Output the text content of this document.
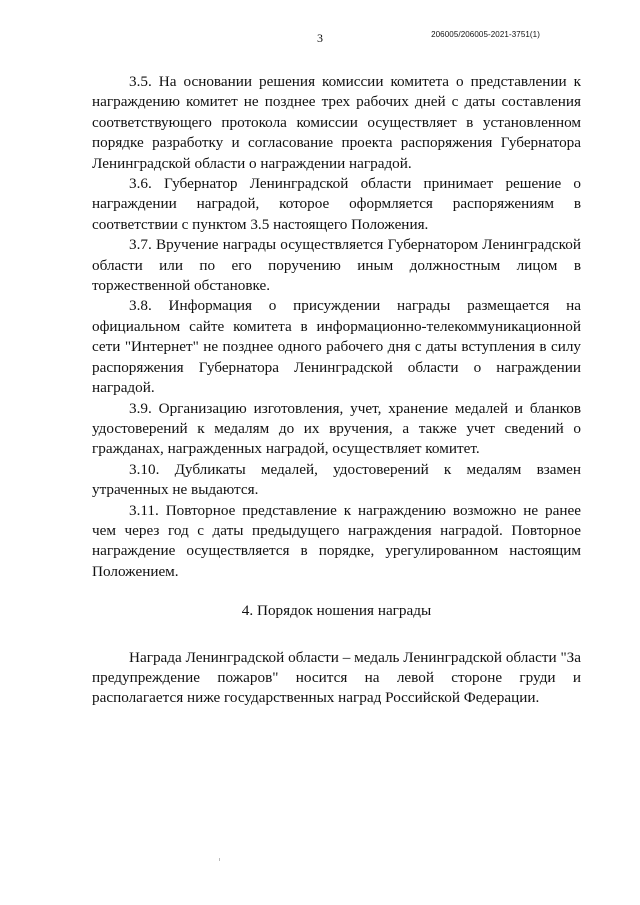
3	206005/206005-2021-3751(1)

3.5. На основании решения комиссии комитета о представлении к награждению комитет не позднее трех рабочих дней с даты составления соответствующего протокола комиссии осуществляет в установленном порядке разработку и согласование проекта распоряжения Губернатора Ленинградской области о награждении наградой.

3.6. Губернатор Ленинградской области принимает решение о награждении наградой, которое оформляется распоряжениям в соответствии с пунктом 3.5 настоящего Положения.

3.7. Вручение награды осуществляется Губернатором Ленинградской области или по его поручению иным должностным лицом в торжественной обстановке.

3.8. Информация о присуждении награды размещается на официальном сайте комитета в информационно-телекоммуникационной сети "Интернет" не позднее одного рабочего дня с даты вступления в силу распоряжения Губернатора Ленинградской области о награждении наградой.

3.9. Организацию изготовления, учет, хранение медалей и бланков удостоверений к медалям до их вручения, а также учет сведений о гражданах, награжденных наградой, осуществляет комитет.

3.10. Дубликаты медалей, удостоверений к медалям взамен утраченных не выдаются.

3.11. Повторное представление к награждению возможно не ранее чем через год с даты предыдущего награждения наградой. Повторное награждение осуществляется в порядке, урегулированном настоящим Положением.

4. Порядок ношения награды

Награда Ленинградской области – медаль Ленинградской области "За предупреждение пожаров" носится на левой стороне груди и располагается ниже государственных наград Российской Федерации.
